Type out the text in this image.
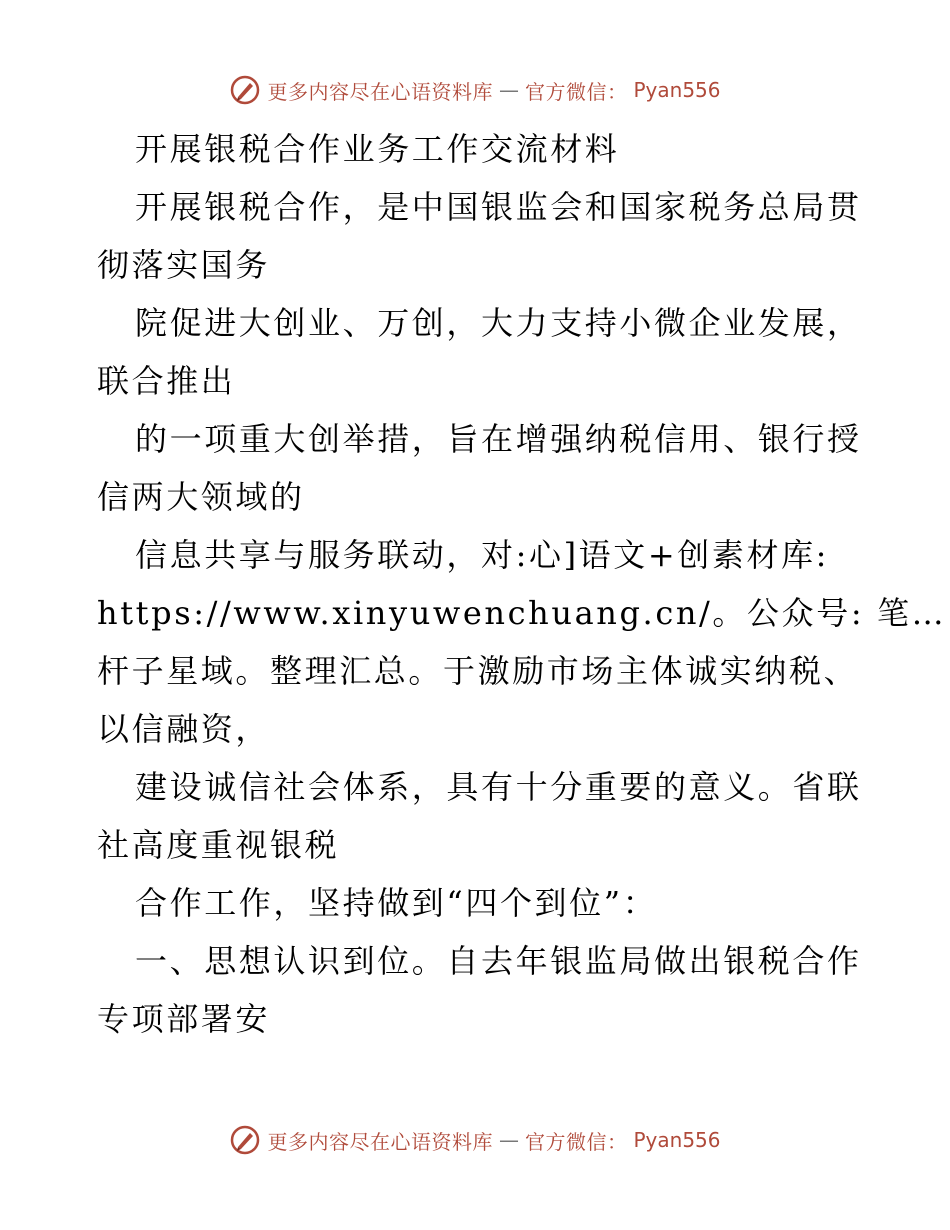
更多内容尽在心语资料库 — 官方微信： Pyan556
开展银税合作业务工作交流材料
开展银税合作，是中国银监会和国家税务总局贯
彻落实国务
院促进大创业、万创，大力支持小微企业发展，
联合推出
的一项重大创举措，旨在增强纳税信用、银行授
信两大领域的
信息共享与服务联动，对:心]语文+创素材库:
https://www.xinyuwenchuang.cn/。公众号: 笔…
杆子星域。整理汇总。于激励市场主体诚实纳税、
以信融资，
建设诚信社会体系，具有十分重要的意义。省联
社高度重视银税
合作工作，坚持做到“四个到位”：
一、思想认识到位。自去年银监局做出银税合作
专项部署安
更多内容尽在心语资料库 — 官方微信： Pyan556
